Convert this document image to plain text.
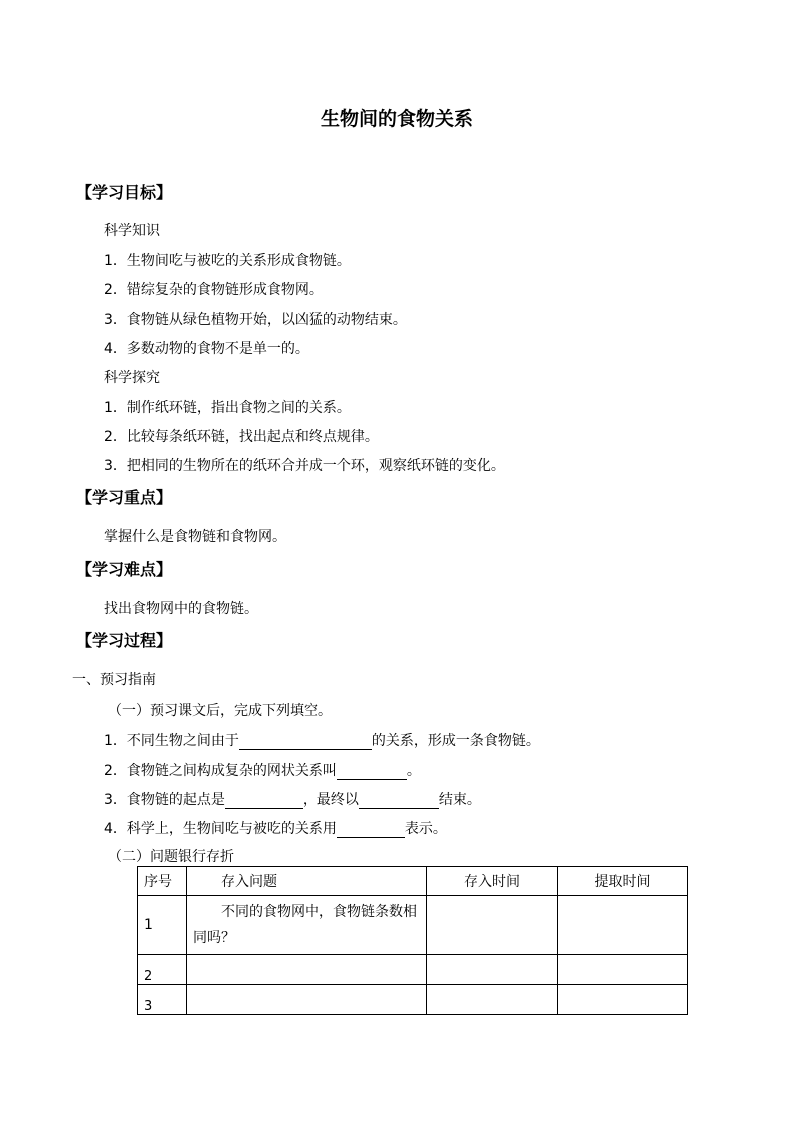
生物间的食物关系
【学习目标】
科学知识
1．生物间吃与被吃的关系形成食物链。
2．错综复杂的食物链形成食物网。
3．食物链从绿色植物开始，以凶猛的动物结束。
4．多数动物的食物不是单一的。
科学探究
1．制作纸环链，指出食物之间的关系。
2．比较每条纸环链，找出起点和终点规律。
3．把相同的生物所在的纸环合并成一个环，观察纸环链的变化。
【学习重点】
掌握什么是食物链和食物网。
【学习难点】
找出食物网中的食物链。
【学习过程】
一、预习指南
（一）预习课文后，完成下列填空。
1．不同生物之间由于	的关系，形成一条食物链。
2．食物链之间构成复杂的网状关系叫	。
3．食物链的起点是	，最终以	结束。
4．科学上，生物间吃与被吃的关系用	表示。
（二）问题银行存折
序号	存入问题	存入时间	提取时间
1	不同的食物网中，食物链条数相同吗？		
2			
3			
